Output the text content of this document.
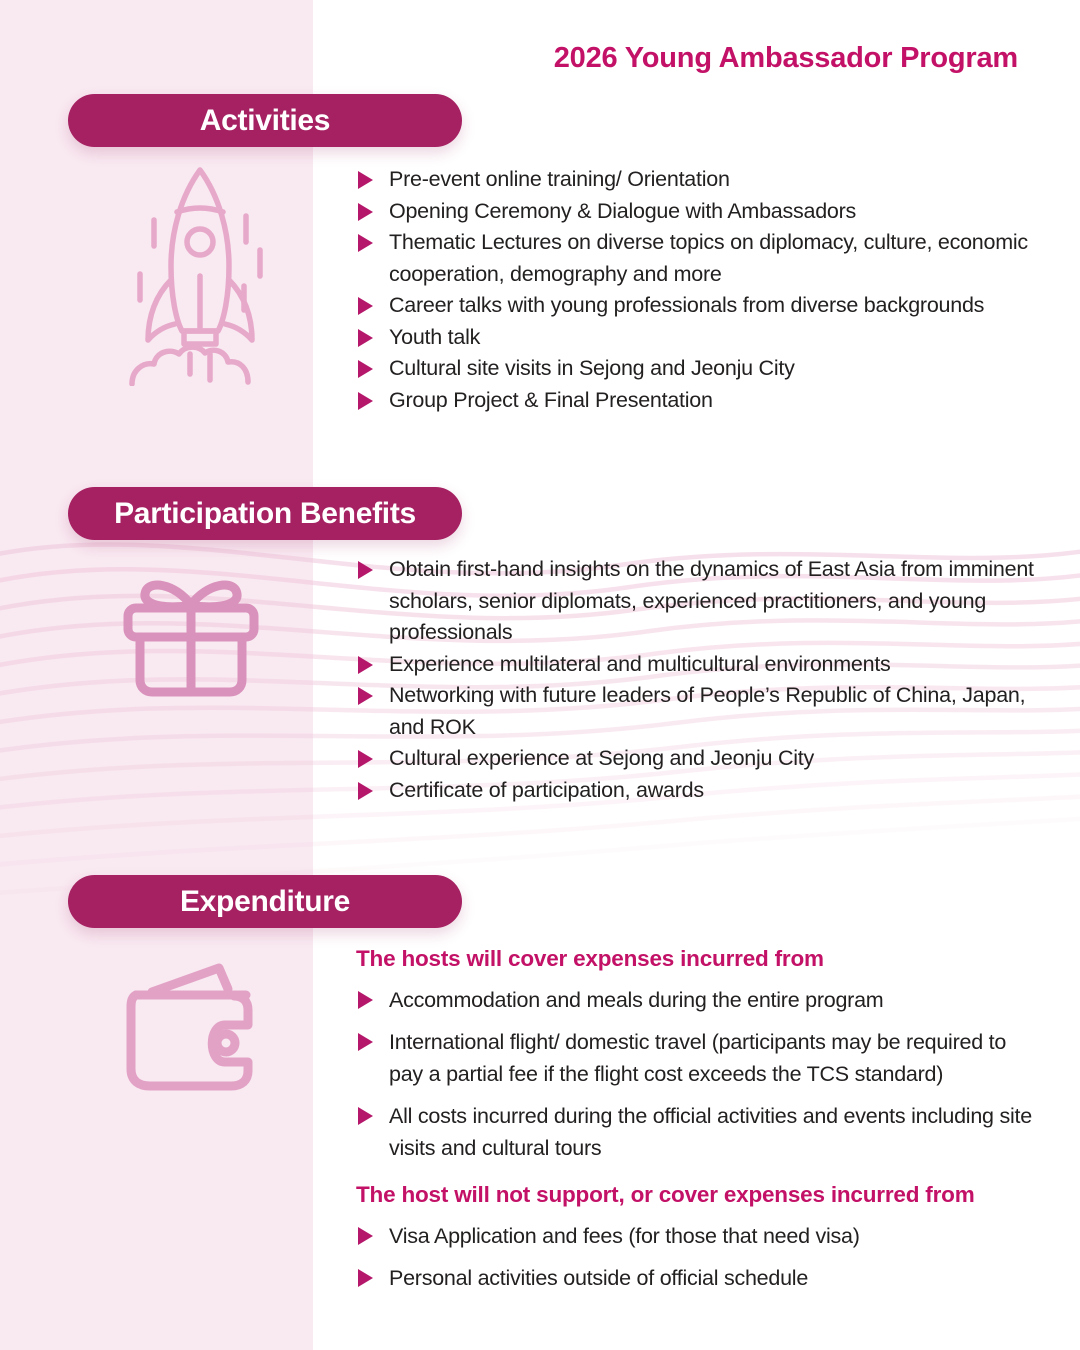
2026 Young Ambassador Program
Activities
Pre-event online training/ Orientation
Opening Ceremony & Dialogue with Ambassadors
Thematic Lectures on diverse topics on diplomacy, culture, economic cooperation, demography and more
Career talks with young professionals from diverse backgrounds
Youth talk
Cultural site visits in Sejong and Jeonju City
Group Project & Final Presentation
Participation Benefits
Obtain first-hand insights on the dynamics of East Asia from imminent scholars, senior diplomats, experienced practitioners, and young professionals
Experience multilateral and multicultural environments
Networking with future leaders of People’s Republic of China, Japan, and ROK
Cultural experience at Sejong and Jeonju City
Certificate of participation, awards
Expenditure
The hosts will cover expenses incurred from
Accommodation and meals during the entire program
International flight/ domestic travel (participants may be required to pay a partial fee if the flight cost exceeds the TCS standard)
All costs incurred during the official activities and events including site visits and cultural tours
The host will not support, or cover expenses incurred from
Visa Application and fees (for those that need visa)
Personal activities outside of official schedule
